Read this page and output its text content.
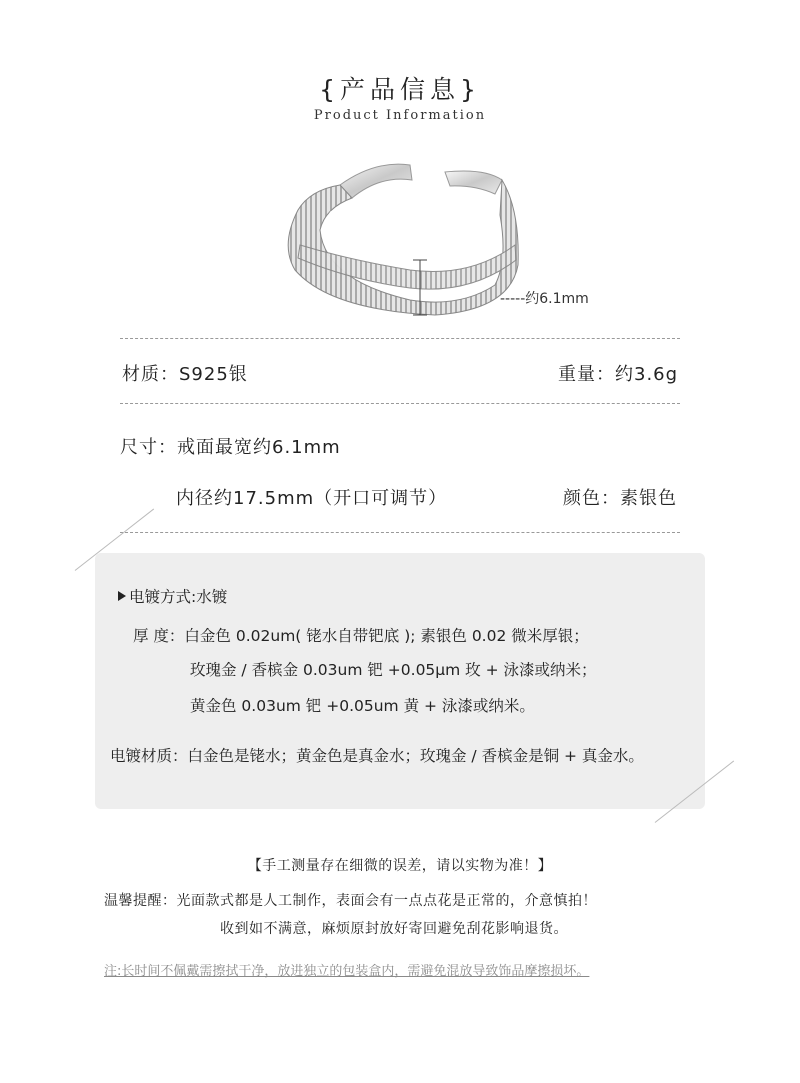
{产品信息}
Product Information
-----约6.1mm
材质：S925银	重量：约3.6g
尺寸：戒面最宽约6.1mm
内径约17.5mm（开口可调节）	颜色：素银色
电镀方式:水镀
厚 度：白金色 0.02um( 铑水自带钯底 ); 素银色 0.02 微米厚银；
玫瑰金 / 香槟金 0.03um 钯 +0.05μm 玫 + 泳漆或纳米；
黄金色 0.03um 钯 +0.05um 黄 + 泳漆或纳米。
电镀材质：白金色是铑水；黄金色是真金水；玫瑰金 / 香槟金是铜 + 真金水。
【手工测量存在细微的误差，请以实物为准！】
温馨提醒：光面款式都是人工制作，表面会有一点点花是正常的，介意慎拍！
收到如不满意，麻烦原封放好寄回避免刮花影响退货。
注:长时间不佩戴需擦拭干净，放进独立的包装盒内，需避免混放导致饰品摩擦损坏。
